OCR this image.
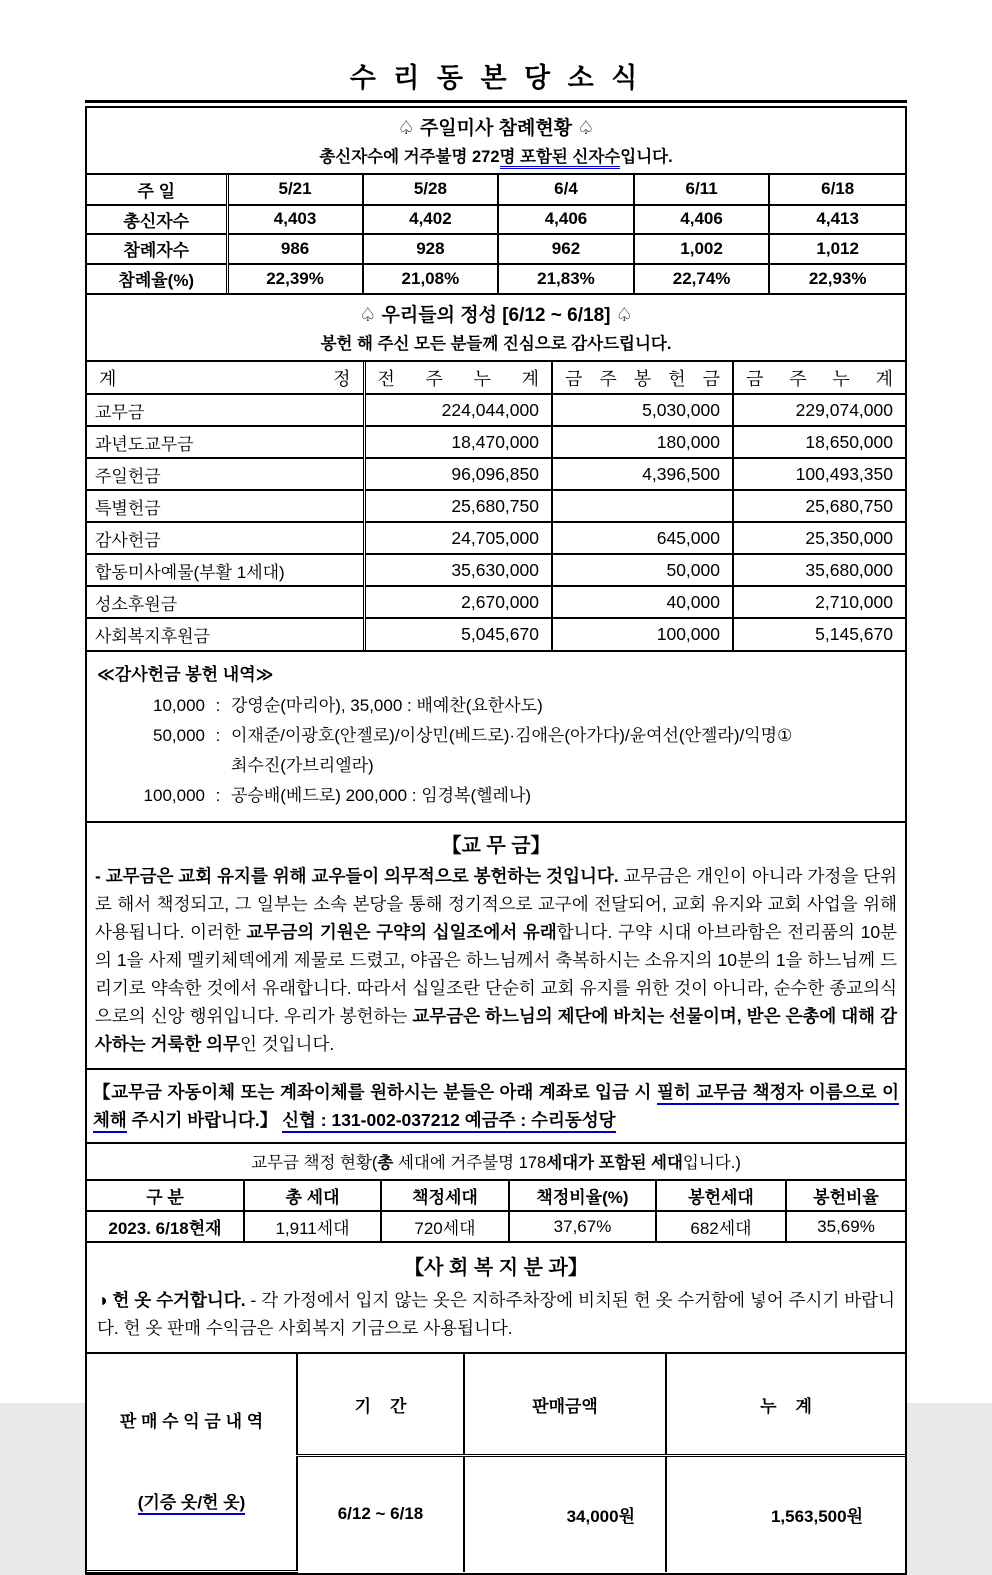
수 리 동 본 당 소 식
♤ 주일미사 참례현황 ♤
총신자수에 거주불명 272명 포함된 신자수입니다.
주 일	5/21	5/28	6/4	6/11	6/18
총신자수	4,403	4,402	4,406	4,406	4,413
참례자수	986	928	962	1,002	1,012
참례율(%)	22,39%	21,08%	21,83%	22,74%	22,93%
♤ 우리들의 정성 [6/12 ~ 6/18] ♤
봉헌 해 주신 모든 분들께 진심으로 감사드립니다.
계 정	전 주 누 계	금 주 봉 헌 금	금 주 누 계
교무금	224,044,000	5,030,000	229,074,000
과년도교무금	18,470,000	180,000	18,650,000
주일헌금	96,096,850	4,396,500	100,493,350
특별헌금	25,680,750		25,680,750
감사헌금	24,705,000	645,000	25,350,000
합동미사예물(부활 1세대)	35,630,000	50,000	35,680,000
성소후원금	2,670,000	40,000	2,710,000
사회복지후원금	5,045,670	100,000	5,145,670
≪감사헌금 봉헌 내역≫
10,000 : 강영순(마리아), 35,000 : 배예찬(요한사도)
50,000 : 이재준/이광호(안젤로)/이상민(베드로)·김애은(아가다)/윤여선(안젤라)/익명①
최수진(가브리엘라)
100,000 : 공승배(베드로) 200,000 : 임경복(헬레나)
【교 무 금】

- 교무금은 교회 유지를 위해 교우들이 의무적으로 봉헌하는 것입니다. 교무금은 개인이 아니라 가정을 단위로 해서 책정되고, 그 일부는 소속 본당을 통해 정기적으로 교구에 전달되어, 교회 유지와 교회 사업을 위해 사용됩니다. 이러한 교무금의 기원은 구약의 십일조에서 유래합니다. 구약 시대 아브라함은 전리품의 10분의 1을 사제 멜키체덱에게 제물로 드렸고, 야곱은 하느님께서 축복하시는 소유지의 10분의 1을 하느님께 드리기로 약속한 것에서 유래합니다. 따라서 십일조란 단순히 교회 유지를 위한 것이 아니라, 순수한 종교의식으로의 신앙 행위입니다. 우리가 봉헌하는 교무금은 하느님의 제단에 바치는 선물이며, 받은 은총에 대해 감사하는 거룩한 의무인 것입니다.

【교무금 자동이체 또는 계좌이체를 원하시는 분들은 아래 계좌로 입금 시 필히 교무금 책정자 이름으로 이체해 주시기 바랍니다.】 신협 : 131-002-037212 예금주 : 수리동성당
교무금 책정 현황(총 세대에 거주불명 178세대가 포함된 세대입니다.)
구 분	총 세대	책정세대	책정비율(%)	봉헌세대	봉헌비율
2023. 6/18현재	1,911세대	720세대	37,67%	682세대	35,69%
【사 회 복 지 분 과】

◑ 헌 옷 수거합니다. - 각 가정에서 입지 않는 옷은 지하주차장에 비치된 헌 옷 수거함에 넣어 주시기 바랍니다. 헌 옷 판매 수익금은 사회복지 기금으로 사용됩니다.

판 매 수 익 금 내 역

(기증 옷/헌 옷)	기    간	판매금액	누    계
	6/12 ~ 6/18	34,000원	1,563,500원
